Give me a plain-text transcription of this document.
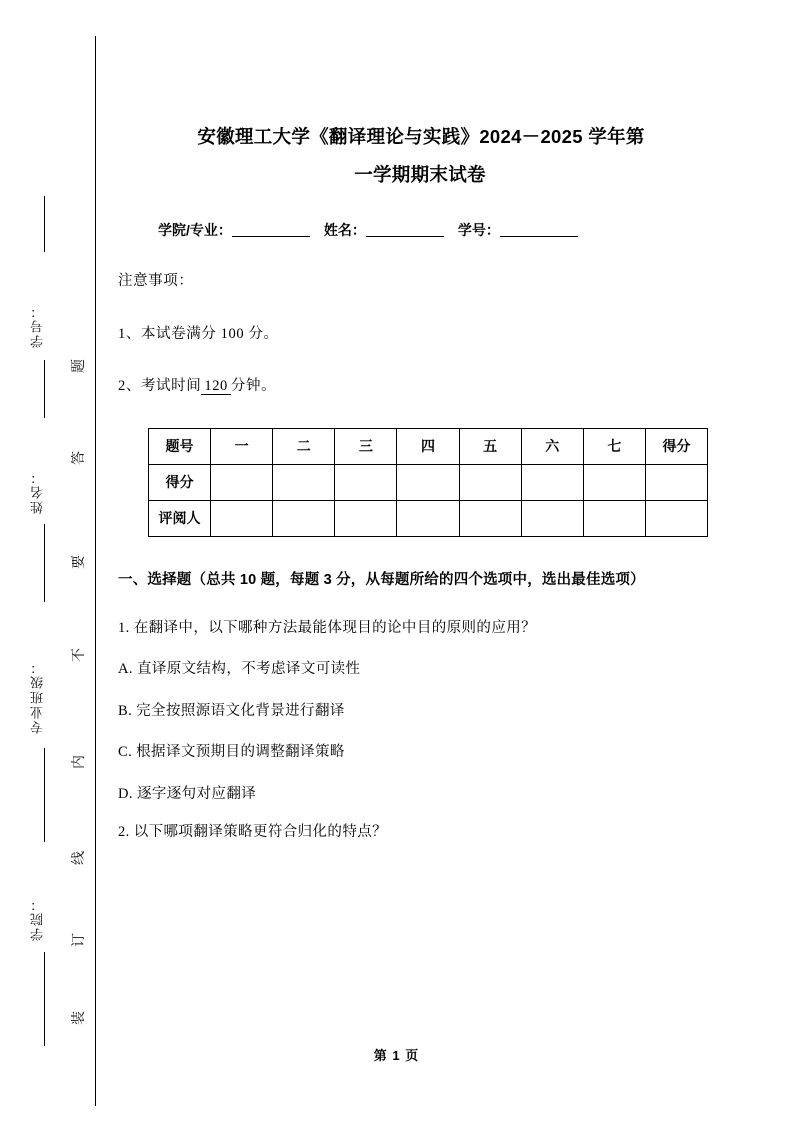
学号：
姓名：
专业班级：
学院：
题
答
要
不
内
线
订
装
安徽理工大学《翻译理论与实践》2024－2025 学年第
一学期期末试卷
学院/专业：	姓名：	学号：

注意事项：

1、本试卷满分 100 分。

2、考试时间 120 分钟。

题号	一	二	三	四	五	六	七	得分
得分								
评阅人								

一、选择题（总共 10 题，每题 3 分，从每题所给的四个选项中，选出最佳选项）

1. 在翻译中，以下哪种方法最能体现目的论中目的原则的应用？

A. 直译原文结构，不考虑译文可读性

B. 完全按照源语文化背景进行翻译

C. 根据译文预期目的调整翻译策略

D. 逐字逐句对应翻译

2. 以下哪项翻译策略更符合归化的特点？

第 1 页
